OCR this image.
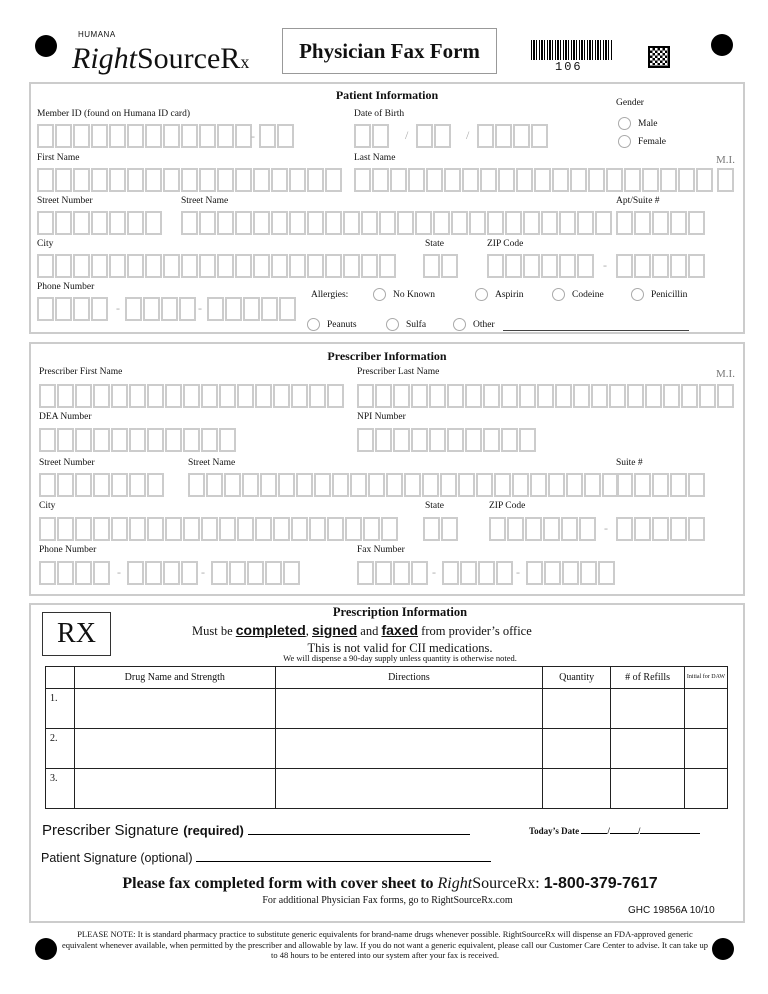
HUMANA
RightSourceRx	Physician Fax Form
106
Patient Information
Member ID (found on Humana ID card)
-
Date of Birth
/	/
Gender
Male
Female
First Name	Last Name	M.I.
Street Number	Street Name	Apt/Suite #
City	State	ZIP Code
-
Phone Number
-	-
Allergies:	No Known	Aspirin	Codeine	Penicillin
Peanuts	Sulfa	Other
Prescriber Information
Prescriber First Name	Prescriber Last Name	M.I.
DEA Number	NPI Number
Street Number	Street Name	Suite #
City	State	ZIP Code
-
Phone Number
-	-
Fax Number
-	-
Prescription Information
RX	Must be completed, signed and faxed from provider’s office
This is not valid for CII medications.
We will dispense a 90-day supply unless quantity is otherwise noted.
	Drug Name and Strength	Directions	Quantity	# of Refills	Initial for DAW
1.					
2.					
3.					
Prescriber Signature (required)	Today’s Date	/	/
Patient Signature (optional)
Please fax completed form with cover sheet to RightSourceRx: 1-800-379-7617
For additional Physician Fax forms, go to RightSourceRx.com
GHC 19856A 10/10
PLEASE NOTE: It is standard pharmacy practice to substitute generic equivalents for brand-name drugs whenever possible. RightSourceRx will dispense an FDA-approved generic equivalent whenever available, when permitted by the prescriber and allowable by law. If you do not want a generic equivalent, please call our Customer Care Center to advise. It can take up to 48 hours to be entered into our system after your fax is received.
